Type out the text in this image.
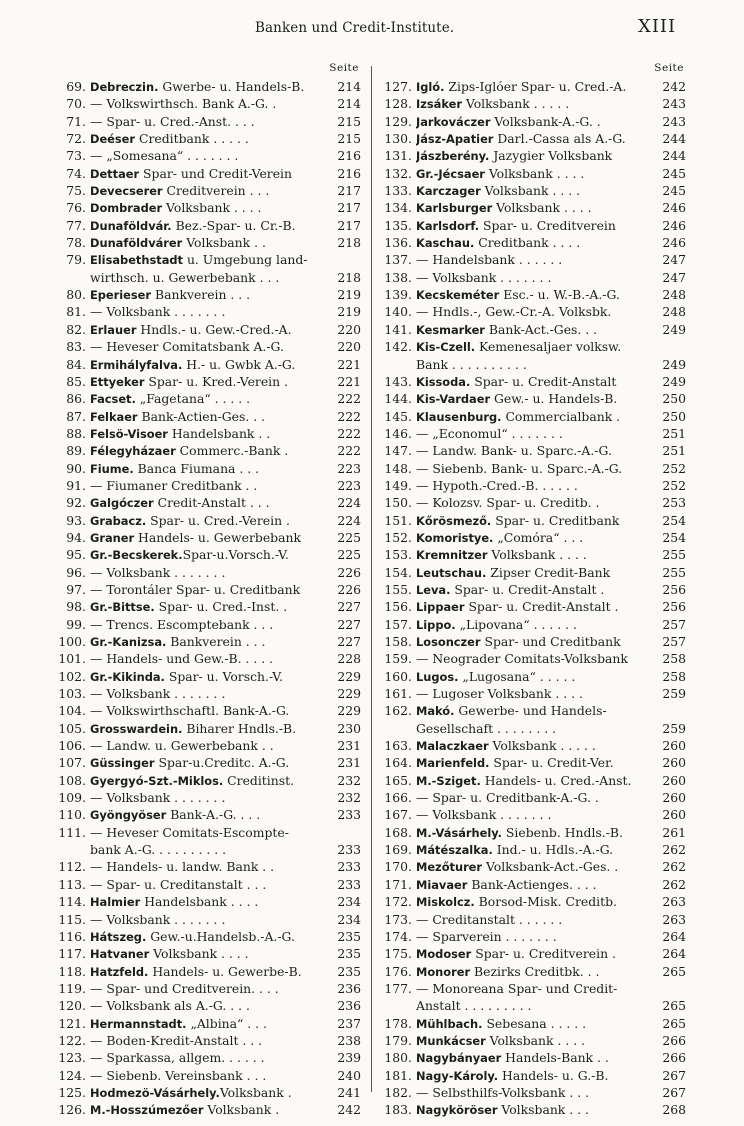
Banken und Credit-Institute.	XIII
Seite
69. Debreczin. Gwerbe- u. Handels-B.	214
70. — Volkswirthsch. Bank A.-G. .	214
71. — Spar- u. Cred.-Anst. . . .	215
72. Deéser Creditbank . . . . .	215
73. — „Somesana“ . . . . . . .	216
74. Dettaer Spar- und Credit-Verein	216
75. Devecserer Creditverein . . .	217
76. Dombrader Volksbank . . . .	217
77. Dunaföldvár. Bez.-Spar- u. Cr.-B.	217
78. Dunaföldvárer Volksbank . .	218
79. Elisabethstadt u. Umgebung land-
wirthsch. u. Gewerbebank . . .	218
80. Eperieser Bankverein . . .	219
81. — Volksbank . . . . . . .	219
82. Erlauer Hndls.- u. Gew.-Cred.-A.	220
83. — Heveser Comitatsbank A.-G.	220
84. Ermihályfalva. H.- u. Gwbk A.-G.	221
85. Ettyeker Spar- u. Kred.-Verein .	221
86. Facset. „Fagetana“ . . . . .	222
87. Felkaer Bank-Actien-Ges. . .	222
88. Felsö-Visoer Handelsbank . .	222
89. Félegyházaer Commerc.-Bank .	222
90. Fiume. Banca Fiumana . . .	223
91. — Fiumaner Creditbank . .	223
92. Galgóczer Credit-Anstalt . . .	224
93. Grabacz. Spar- u. Cred.-Verein .	224
94. Graner Handels- u. Gewerbebank	225
95. Gr.-Becskerek.Spar-u.Vorsch.-V.	225
96. — Volksbank . . . . . . .	226
97. — Torontáler Spar- u. Creditbank	226
98. Gr.-Bittse. Spar- u. Cred.-Inst. .	227
99. — Trencs. Escomptebank . . .	227
100. Gr.-Kanizsa. Bankverein . . .	227
101. — Handels- und Gew.-B. . . . .	228
102. Gr.-Kikinda. Spar- u. Vorsch.-V.	229
103. — Volksbank . . . . . . .	229
104. — Volkswirthschaftl. Bank-A.-G.	229
105. Grosswardein. Biharer Hndls.-B.	230
106. — Landw. u. Gewerbebank . .	231
107. Güssinger Spar-u.Creditc. A.-G.	231
108. Gyergyó-Szt.-Miklos. Creditinst.	232
109. — Volksbank . . . . . . .	232
110. Gyöngyöser Bank-A.-G. . . .	233
111. — Heveser Comitats-Escompte-
bank A.-G. . . . . . . . . .	233
112. — Handels- u. landw. Bank . .	233
113. — Spar- u. Creditanstalt . . .	233
114. Halmier Handelsbank . . . .	234
115. — Volksbank . . . . . . .	234
116. Hátszeg. Gew.-u.Handelsb.-A.-G.	235
117. Hatvaner Volksbank . . . .	235
118. Hatzfeld. Handels- u. Gewerbe-B.	235
119. — Spar- und Creditverein. . . .	236
120. — Volksbank als A.-G. . . .	236
121. Hermannstadt. „Albina“ . . .	237
122. — Boden-Kredit-Anstalt . . .	238
123. — Sparkassa, allgem. . . . . .	239
124. — Siebenb. Vereinsbank . . .	240
125. Hodmezö-Vásárhely.Volksbank .	241
126. M.-Hosszúmezőer Volksbank .	242
Seite
127. Igló. Zips-Iglóer Spar- u. Cred.-A.	242
128. Izsáker Volksbank . . . . .	243
129. Jarkováczer Volksbank-A.-G. .	243
130. Jász-Apatier Darl.-Cassa als A.-G.	244
131. Jászberény. Jazygier Volksbank	244
132. Gr.-Jécsaer Volksbank . . . .	245
133. Karczager Volksbank . . . .	245
134. Karlsburger Volksbank . . . .	246
135. Karlsdorf. Spar- u. Creditverein	246
136. Kaschau. Creditbank . . . .	246
137. — Handelsbank . . . . . .	247
138. — Volksbank . . . . . . .	247
139. Kecskeméter Esc.- u. W.-B.-A.-G.	248
140. — Hndls.-, Gew.-Cr.-A. Volksbk.	248
141. Kesmarker Bank-Act.-Ges. . .	249
142. Kis-Czell. Kemenesaljaer volksw.
Bank . . . . . . . . . .	249
143. Kissoda. Spar- u. Credit-Anstalt	249
144. Kis-Vardaer Gew.- u. Handels-B.	250
145. Klausenburg. Commercialbank .	250
146. — „Economul“ . . . . . . .	251
147. — Landw. Bank- u. Sparc.-A.-G.	251
148. — Siebenb. Bank- u. Sparc.-A.-G.	252
149. — Hypoth.-Cred.-B. . . . . .	252
150. — Kolozsv. Spar- u. Creditb. .	253
151. Kőrösmező. Spar- u. Creditbank	254
152. Komoristye. „Comóra“ . . .	254
153. Kremnitzer Volksbank . . . .	255
154. Leutschau. Zipser Credit-Bank	255
155. Leva. Spar- u. Credit-Anstalt .	256
156. Lippaer Spar- u. Credit-Anstalt .	256
157. Lippo. „Lipovana“ . . . . . .	257
158. Losonczer Spar- und Creditbank	257
159. — Neograder Comitats-Volksbank	258
160. Lugos. „Lugosana“ . . . . .	258
161. — Lugoser Volksbank . . . .	259
162. Makó. Gewerbe- und Handels-
Gesellschaft . . . . . . . .	259
163. Malaczkaer Volksbank . . . . .	260
164. Marienfeld. Spar- u. Credit-Ver.	260
165. M.-Sziget. Handels- u. Cred.-Anst.	260
166. — Spar- u. Creditbank-A.-G. .	260
167. — Volksbank . . . . . . .	260
168. M.-Vásárhely. Siebenb. Hndls.-B.	261
169. Mátészalka. Ind.- u. Hdls.-A.-G.	262
170. Mezőturer Volksbank-Act.-Ges. .	262
171. Miavaer Bank-Actienges. . . .	262
172. Miskolcz. Borsod-Misk. Creditb.	263
173. — Creditanstalt . . . . . .	263
174. — Sparverein . . . . . . .	264
175. Modoser Spar- u. Creditverein .	264
176. Monorer Bezirks Creditbk. . .	265
177. — Monoreana Spar- und Credit-
Anstalt . . . . . . . . .	265
178. Mühlbach. Sebesana . . . . .	265
179. Munkácser Volksbank . . . .	266
180. Nagybányaer Handels-Bank . .	266
181. Nagy-Károly. Handels- u. G.-B.	267
182. — Selbsthilfs-Volksbank . . .	267
183. Nagyköröser Volksbank . . .	268
